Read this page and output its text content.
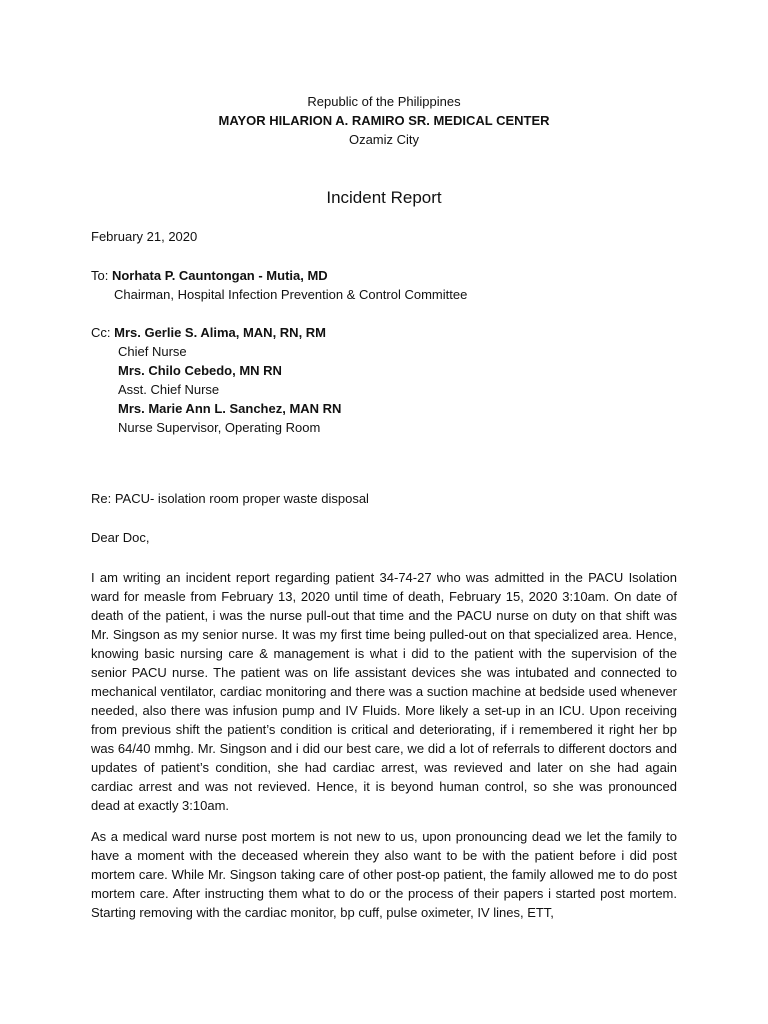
Republic of the Philippines
MAYOR HILARION A. RAMIRO SR. MEDICAL CENTER
Ozamiz City
Incident Report
February 21, 2020
To: Norhata P. Cauntongan - Mutia, MD
Chairman, Hospital Infection Prevention & Control Committee
Cc: Mrs. Gerlie S. Alima, MAN, RN, RM
Chief Nurse
Mrs. Chilo Cebedo, MN RN
Asst. Chief Nurse
Mrs. Marie Ann L. Sanchez, MAN RN
Nurse Supervisor, Operating Room
Re: PACU- isolation room proper waste disposal
Dear Doc,

I am writing an incident report regarding patient 34-74-27 who was admitted in the PACU Isolation ward for measle from February 13, 2020 until time of death, February 15, 2020 3:10am. On date of death of the patient, i was the nurse pull-out that time and the PACU nurse on duty on that shift was Mr. Singson as my senior nurse. It was my first time being pulled-out on that specialized area. Hence, knowing basic nursing care & management is what i did to the patient with the supervision of the senior PACU nurse. The patient was on life assistant devices she was intubated and connected to mechanical ventilator, cardiac monitoring and there was a suction machine at bedside used whenever needed, also there was infusion pump and IV Fluids. More likely a set-up in an ICU. Upon receiving from previous shift the patient’s condition is critical and deteriorating, if i remembered it right her bp was 64/40 mmhg. Mr. Singson and i did our best care, we did a lot of referrals to different doctors and updates of patient’s condition, she had cardiac arrest, was revieved and later on she had again cardiac arrest and was not revieved. Hence, it is beyond human control, so she was pronounced dead at exactly 3:10am.

As a medical ward nurse post mortem is not new to us, upon pronouncing dead we let the family to have a moment with the deceased wherein they also want to be with the patient before i did post mortem care. While Mr. Singson taking care of other post-op patient, the family allowed me to do post mortem care. After instructing them what to do or the process of their papers i started post mortem. Starting removing with the cardiac monitor, bp cuff, pulse oximeter, IV lines, ETT,
